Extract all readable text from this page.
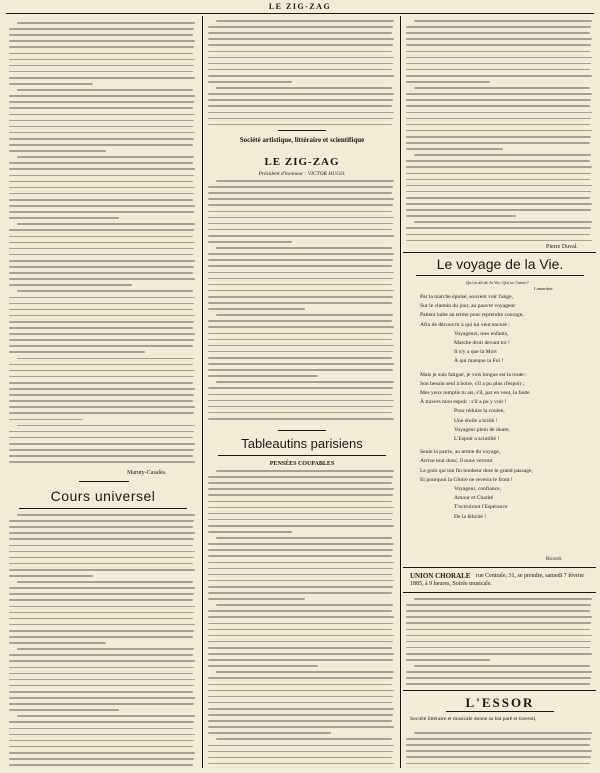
LE ZIG-ZAG
Maruty-Casalès.
Cours universel
Société artistique, littéraire et scientifique
LE ZIG-ZAG
Président d'honneur : VICTOR HUGO.
Tableautins parisiens
PENSÉES COUPABLES
Pierre Duval.
Le voyage de la Vie.
Qu'on dit de la Vie: Qui ne l'aime?
Lamartine.
Par la marche épuisé, souvent voir l'ange,
Sur le chemin du jour, au pauvre voyageur
Patient halte au terme pour reprendre courage,
Afin de découvrir à qui lui veut encore :
Voyageurs, mes enfants,
Marche droit devant toi !
Il n'y a que la Mort
À qui manque la Foi !
Mais je suis fatigué, je vois longue est la route :
Son besoin seul à boire, s'il a pu plus d'espoir ;
Mes yeux remplis tu ais, s'il, par en veut, la faute
À travers mon espoir : s'il a pu y voir !
Pour réduire la coulee,
Une étoile a brillé !
Voyageur plein de doute,
L'Espoir a scintillé !
Seule la patrie, au terme du voyage,
Arrive tout donc, il nous verront
Le goût qui ton fin bonheur dure le grand passage,
Et pourquoi la Gloire ne reverra le front !
Voyageur, confiance,
Amour et Charité
T'octroiront l'Espérance
De la félicité !
Ricordi.
UNION CHORALE rue Centrale, 31, se prendre, samedi 7 février 1885, à 9 heures, Soirée musicale.
L'ESSOR
Société littéraire et musicale donne sa bal paré et travesti,
